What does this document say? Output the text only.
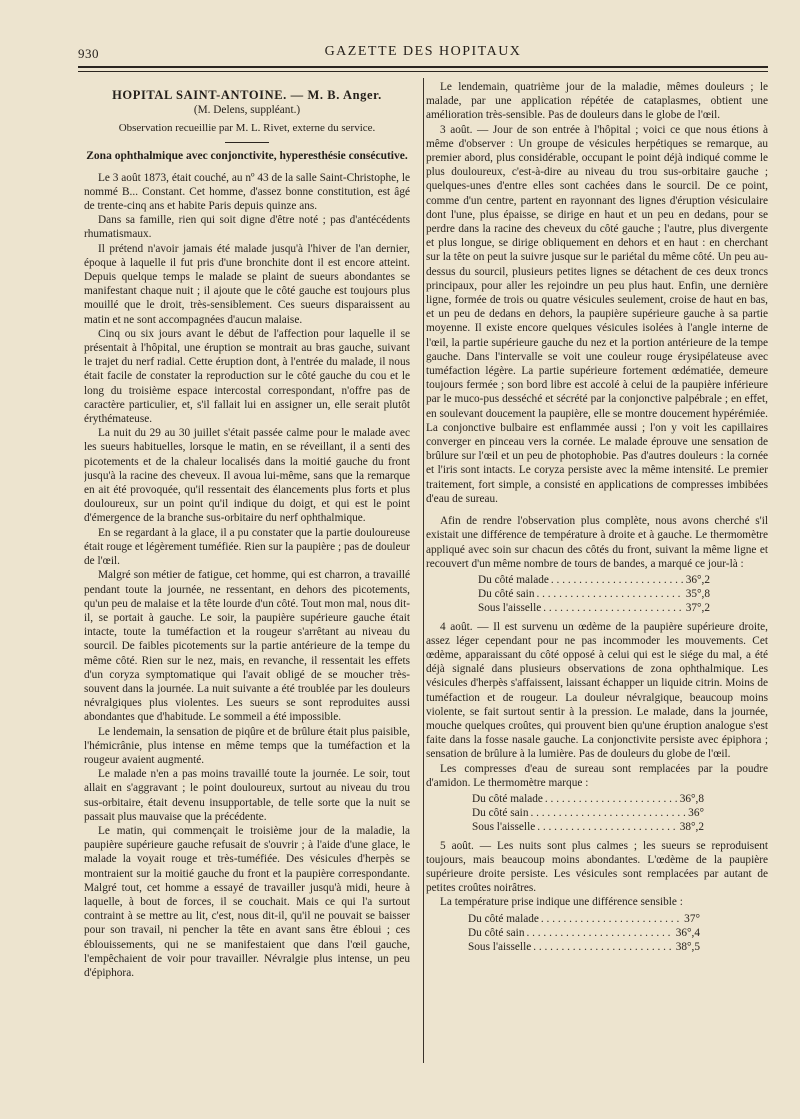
930	GAZETTE DES HOPITAUX
HOPITAL SAINT-ANTOINE. — M. B. Anger.
(M. Delens, suppléant.)
Observation recueillie par M. L. Rivet, externe du service.
Zona ophthalmique avec conjonctivite, hyperesthésie consécutive.

Le 3 août 1873, était couché, au nº 43 de la salle Saint-Christophe, le nommé B... Constant. Cet homme, d'assez bonne constitution, est âgé de trente-cinq ans et habite Paris depuis quinze ans.

Dans sa famille, rien qui soit digne d'être noté ; pas d'antécédents rhumatismaux.

Il prétend n'avoir jamais été malade jusqu'à l'hiver de l'an dernier, époque à laquelle il fut pris d'une bronchite dont il est encore atteint. Depuis quelque temps le malade se plaint de sueurs abondantes se manifestant chaque nuit ; il ajoute que le côté gauche est toujours plus mouillé que le droit, très-sensiblement. Ces sueurs disparaissent au matin et ne sont accompagnées d'aucun malaise.

Cinq ou six jours avant le début de l'affection pour laquelle il se présentait à l'hôpital, une éruption se montrait au bras gauche, suivant le trajet du nerf radial. Cette éruption dont, à l'entrée du malade, il nous était facile de constater la reproduction sur le côté gauche du cou et le long du troisième espace intercostal correspondant, n'offre pas de caractère particulier, et, s'il fallait lui en assigner un, elle serait plutôt érythémateuse.

La nuit du 29 au 30 juillet s'était passée calme pour le malade avec les sueurs habituelles, lorsque le matin, en se réveillant, il a senti des picotements et de la chaleur localisés dans la moitié gauche du front jusqu'à la racine des cheveux. Il avoua lui-même, sans que la remarque en ait été provoquée, qu'il ressentait des élancements plus forts et plus douloureux, sur un point qu'il indique du doigt, et qui est le point d'émergence de la branche sus-orbitaire du nerf ophthalmique.

En se regardant à la glace, il a pu constater que la partie douloureuse était rouge et légèrement tuméfiée. Rien sur la paupière ; pas de douleur de l'œil.

Malgré son métier de fatigue, cet homme, qui est charron, a travaillé pendant toute la journée, ne ressentant, en dehors des picotements, qu'un peu de malaise et la tête lourde d'un côté. Tout mon mal, nous dit-il, se portait à gauche. Le soir, la paupière supérieure gauche était intacte, toute la tuméfaction et la rougeur s'arrêtant au niveau du sourcil. De faibles picotements sur la partie antérieure de la tempe du même côté. Rien sur le nez, mais, en revanche, il ressentait les effets d'un coryza symptomatique qui l'avait obligé de se moucher très-souvent dans la journée. La nuit suivante a été troublée par les douleurs névralgiques plus violentes. Les sueurs se sont reproduites aussi abondantes que d'habitude. Le sommeil a été impossible.

Le lendemain, la sensation de piqûre et de brûlure était plus paisible, l'hémicrânie, plus intense en même temps que la tuméfaction et la rougeur avaient augmenté.

Le malade n'en a pas moins travaillé toute la journée. Le soir, tout allait en s'aggravant ; le point douloureux, surtout au niveau du trou sus-orbitaire, était devenu insupportable, de telle sorte que la nuit se passait plus mauvaise que la précédente.

Le matin, qui commençait le troisième jour de la maladie, la paupière supérieure gauche refusait de s'ouvrir ; à l'aide d'une glace, le malade la voyait rouge et très-tuméfiée. Des vésicules d'herpès se montraient sur la moitié gauche du front et la paupière correspondante. Malgré tout, cet homme a essayé de travailler jusqu'à midi, heure à laquelle, à bout de forces, il se couchait. Mais ce qui l'a surtout contraint à se mettre au lit, c'est, nous dit-il, qu'il ne pouvait se baisser pour son travail, ni pencher la tête en avant sans être ébloui ; ces éblouissements, qui ne se manifestaient que dans l'œil gauche, l'empêchaient de voir pour travailler. Névralgie plus intense, un peu d'épiphora.

Le lendemain, quatrième jour de la maladie, mêmes douleurs ; le malade, par une application répétée de cataplasmes, obtient une amélioration très-sensible. Pas de douleurs dans le globe de l'œil.

3 août. — Jour de son entrée à l'hôpital ; voici ce que nous étions à même d'observer : Un groupe de vésicules herpétiques se remarque, au premier abord, plus considérable, occupant le point déjà indiqué comme le plus douloureux, c'est-à-dire au niveau du trou sus-orbitaire gauche ; quelques-unes d'entre elles sont cachées dans le sourcil. De ce point, comme d'un centre, partent en rayonnant des lignes d'éruption vésiculaire dont l'une, plus épaisse, se dirige en haut et un peu en dedans, pour se perdre dans la racine des cheveux du côté gauche ; l'autre, plus divergente et plus longue, se dirige obliquement en dehors et en haut : en cherchant sur la tête on peut la suivre jusque sur le pariétal du même côté. Un peu au-dessus du sourcil, plusieurs petites lignes se détachent de ces deux troncs principaux, pour aller les rejoindre un peu plus haut. Enfin, une dernière ligne, formée de trois ou quatre vésicules seulement, croise de haut en bas, et un peu de dedans en dehors, la paupière supérieure gauche à sa partie moyenne. Il existe encore quelques vésicules isolées à l'angle interne de l'œil, la partie supérieure gauche du nez et la portion antérieure de la tempe gauche. Dans l'intervalle se voit une couleur rouge érysipélateuse avec tuméfaction légère. La partie supérieure fortement œdématiée, demeure toujours fermée ; son bord libre est accolé à celui de la paupière inférieure par le muco-pus desséché et sécrété par la conjonctive palpébrale ; en effet, en soulevant doucement la paupière, elle se montre doucement hypérémiée. La conjonctive bulbaire est enflammée aussi ; l'on y voit les capillaires converger en pinceau vers la cornée. Le malade éprouve une sensation de brûlure sur l'œil et un peu de photophobie. Pas d'autres douleurs : la cornée et l'iris sont intacts. Le coryza persiste avec la même intensité. Le premier traitement, fort simple, a consisté en applications de compresses imbibées d'eau de sureau.

Afin de rendre l'observation plus complète, nous avons cherché s'il existait une différence de température à droite et à gauche. Le thermomètre appliqué avec soin sur chacun des côtés du front, suivant la même ligne et recouvert d'un même nombre de tours de bandes, a marqué ce jour-là :

Du côté malade . . .	36°,2
Du côté sain . . .	35°,8
Sous l'aisselle . . .	37°,2

4 août. — Il est survenu un œdème de la paupière supérieure droite, assez léger cependant pour ne pas incommoder les mouvements. Cet œdème, apparaissant du côté opposé à celui qui est le siége du mal, a été déjà signalé dans plusieurs observations de zona ophthalmique. Les vésicules d'herpès s'affaissent, laissant échapper un liquide citrin. Moins de tuméfaction et de rougeur. La douleur névralgique, beaucoup moins violente, se fait surtout sentir à la pression. Le malade, dans la journée, mouche quelques croûtes, qui prouvent bien qu'une éruption analogue s'est faite dans la fosse nasale gauche. La conjonctivite persiste avec épiphora ; sensation de brûlure à la lumière. Pas de douleurs du globe de l'œil.

Les compresses d'eau de sureau sont remplacées par la poudre d'amidon. Le thermomètre marque :

Du côté malade . . .	36°,8
Du côté sain . . .	36°
Sous l'aisselle . . .	38°,2

5 août. — Les nuits sont plus calmes ; les sueurs se reproduisent toujours, mais beaucoup moins abondantes. L'œdème de la paupière supérieure droite persiste. Les vésicules sont remplacées par autant de petites croûtes noirâtres.

La température prise indique une différence sensible :

Du côté malade . . .	37°
Du côté sain . . .	36°,4
Sous l'aisselle . . .	38°,5
